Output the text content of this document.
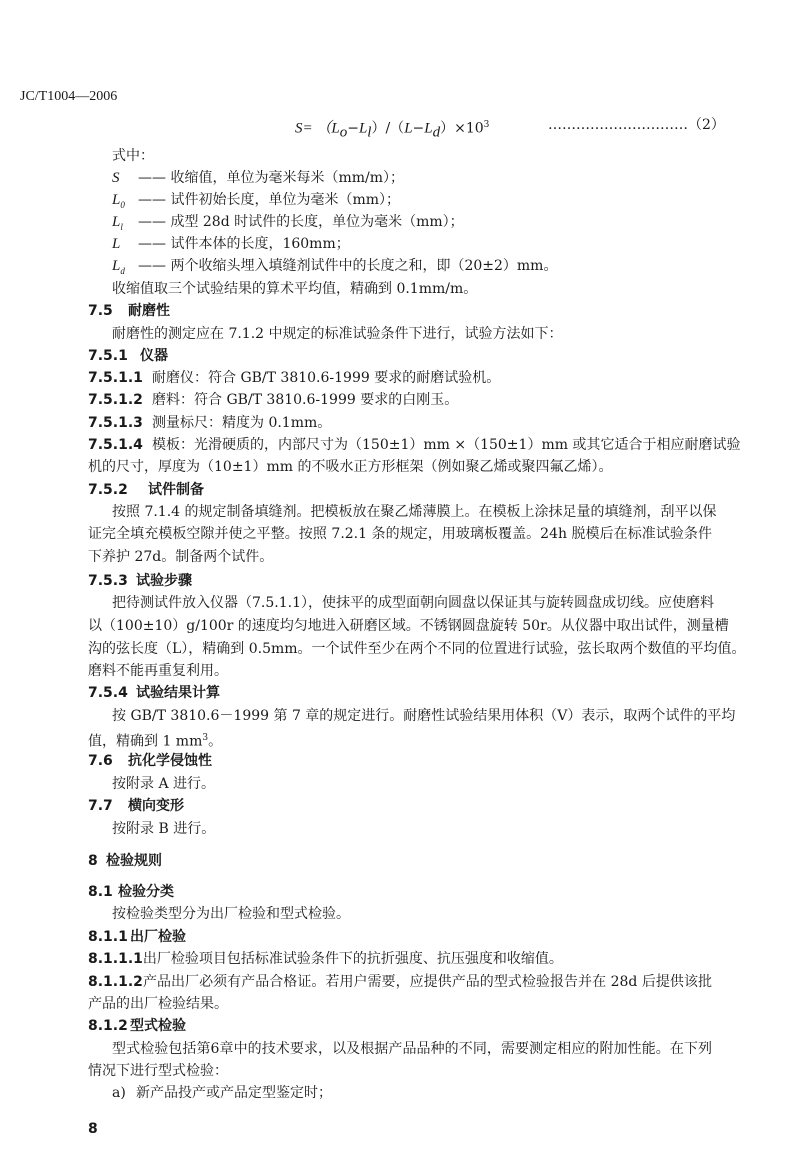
JC/T1004—2006
$S= (L_o-L_l)/(L-L_d)\times 10^3$	…………………………（2）
式中：
S —— 收缩值，单位为毫米每米（mm/m）；
$L_0$ —— 试件初始长度，单位为毫米（mm）；
$L_l$ —— 成型 28d 时试件的长度，单位为毫米（mm）；
L —— 试件本体的长度，160mm；
$L_d$ —— 两个收缩头埋入填缝剂试件中的长度之和，即（20±2）mm。
收缩值取三个试验结果的算术平均值，精确到 0.1mm/m。
7.5 耐磨性
耐磨性的测定应在 7.1.2 中规定的标准试验条件下进行，试验方法如下：
7.5.1 仪器
7.5.1.1 耐磨仪：符合 GB/T 3810.6-1999 要求的耐磨试验机。
7.5.1.2 磨料：符合 GB/T 3810.6-1999 要求的白刚玉。
7.5.1.3 测量标尺：精度为 0.1mm。
7.5.1.4 模板：光滑硬质的，内部尺寸为（150±1）mm ×（150±1）mm 或其它适合于相应耐磨试验
机的尺寸，厚度为（10±1）mm 的不吸水正方形框架（例如聚乙烯或聚四氟乙烯）。
7.5.2 试件制备
按照 7.1.4 的规定制备填缝剂。把模板放在聚乙烯薄膜上。在模板上涂抹足量的填缝剂，刮平以保
证完全填充模板空隙并使之平整。按照 7.2.1 条的规定，用玻璃板覆盖。24h 脱模后在标准试验条件
下养护 27d。制备两个试件。
7.5.3 试验步骤
把待测试件放入仪器（7.5.1.1），使抹平的成型面朝向圆盘以保证其与旋转圆盘成切线。应使磨料
以（100±10）g/100r 的速度均匀地进入研磨区域。不锈钢圆盘旋转 50r。从仪器中取出试件，测量槽
沟的弦长度（L），精确到 0.5mm。一个试件至少在两个不同的位置进行试验，弦长取两个数值的平均值。
磨料不能再重复利用。
7.5.4 试验结果计算
按 GB/T 3810.6－1999 第 7 章的规定进行。耐磨性试验结果用体积（V）表示，取两个试件的平均
值，精确到 1 $mm^3$。
7.6 抗化学侵蚀性
按附录 A 进行。
7.7 横向变形
按附录 B 进行。
8 检验规则
8.1 检验分类
按检验类型分为出厂检验和型式检验。
8.1.1 出厂检验
8.1.1.1出厂检验项目包括标准试验条件下的抗折强度、抗压强度和收缩值。
8.1.1.2产品出厂必须有产品合格证。若用户需要，应提供产品的型式检验报告并在 28d 后提供该批
产品的出厂检验结果。
8.1.2 型式检验
型式检验包括第6章中的技术要求，以及根据产品品种的不同，需要测定相应的附加性能。在下列
情况下进行型式检验：
a) 新产品投产或产品定型鉴定时；
8
